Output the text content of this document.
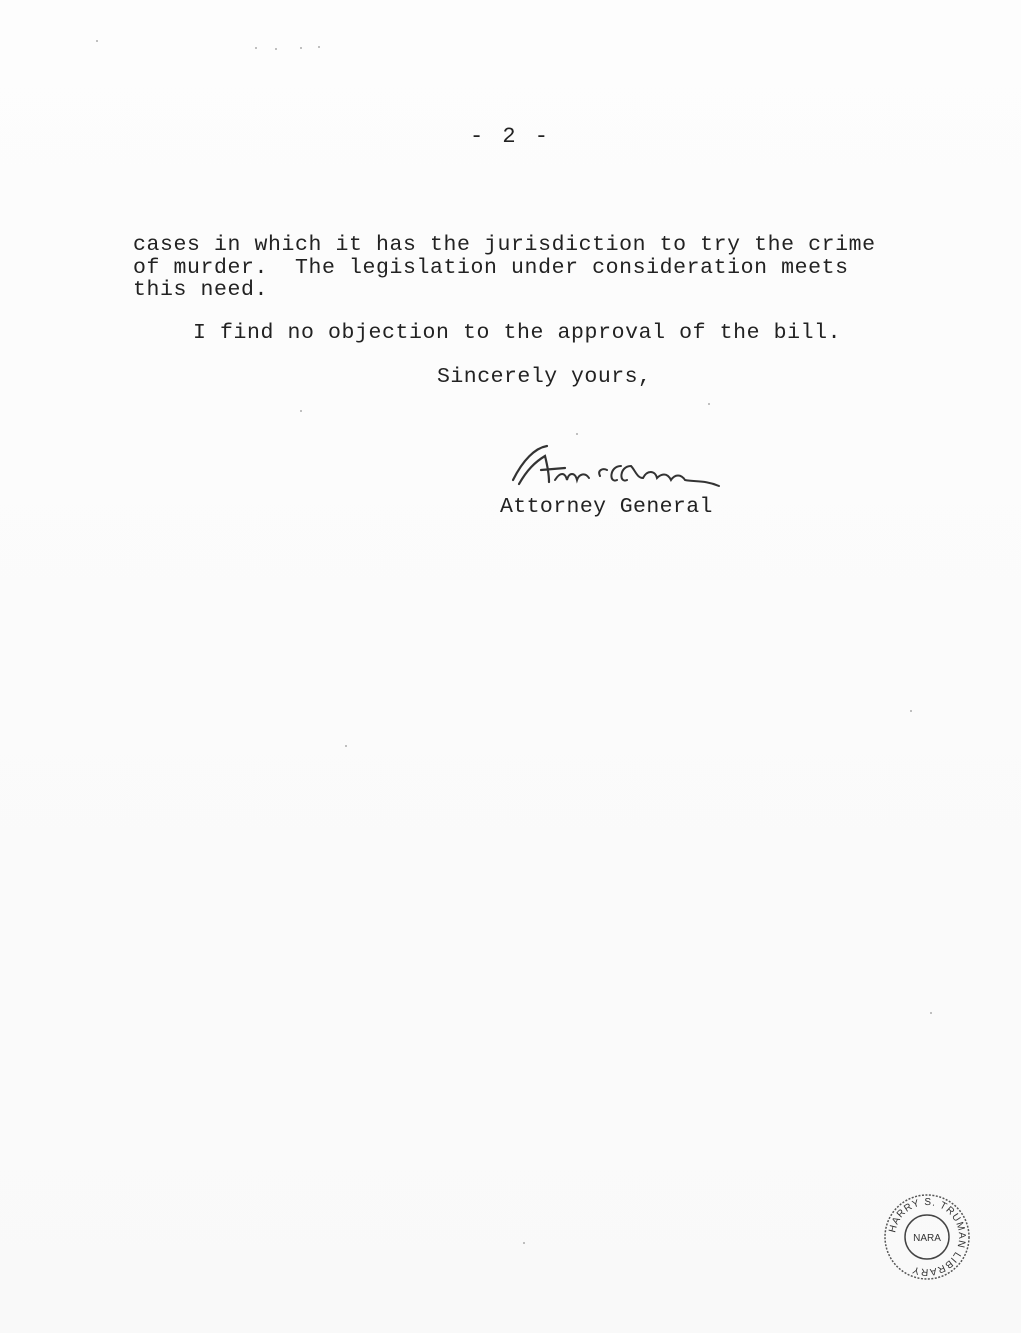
- 2 -
cases in which it has the jurisdiction to try the crime
of murder.  The legislation under consideration meets
this need.
I find no objection to the approval of the bill.
Sincerely yours,
Attorney General
HARRY S. TRUMAN LIBRARY
NARA
